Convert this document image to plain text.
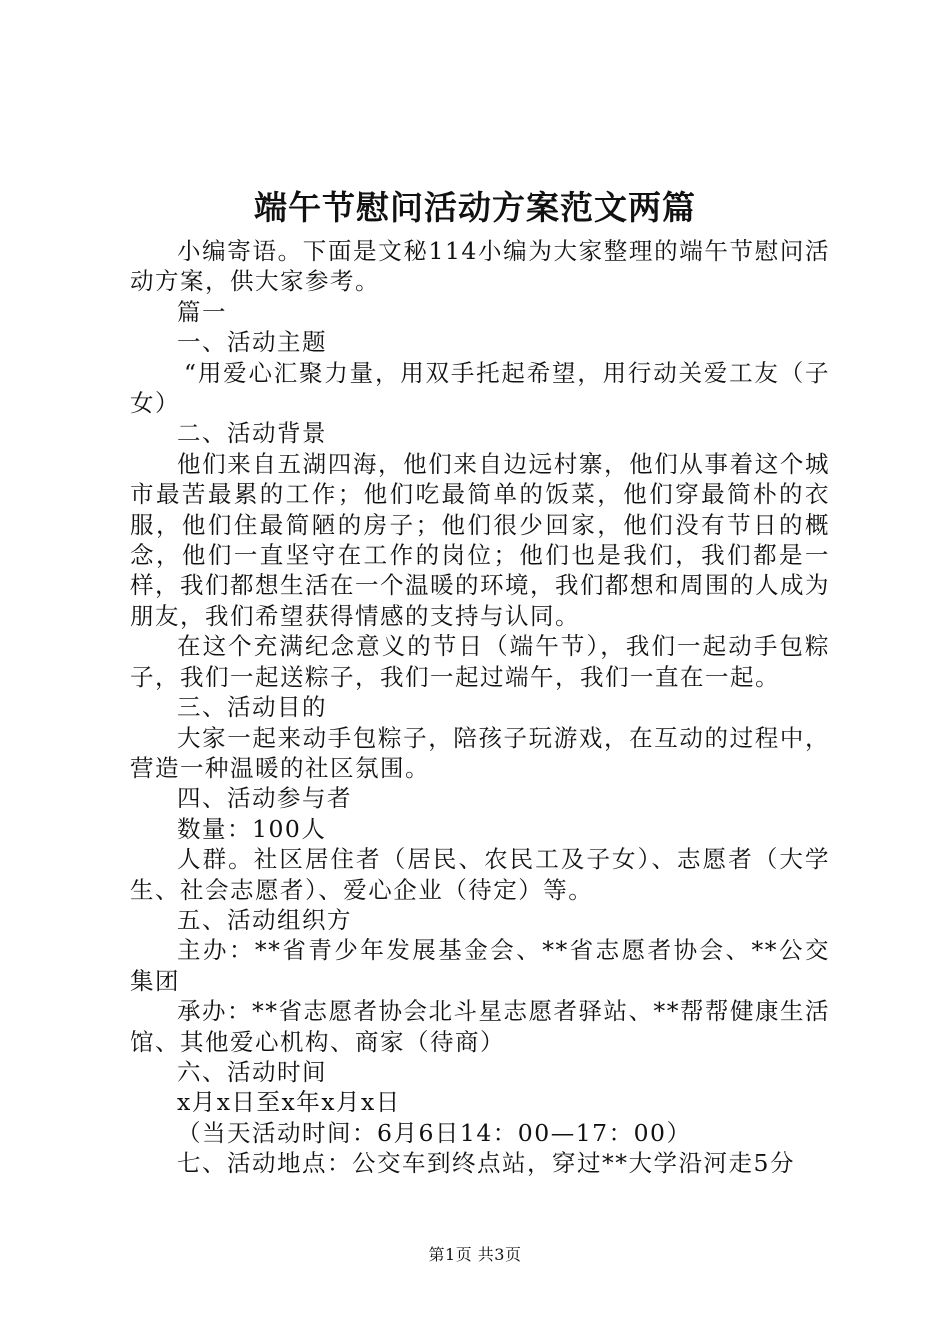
端午节慰问活动方案范文两篇

小编寄语。下面是文秘114小编为大家整理的端午节慰问活动方案，供大家参考。

篇一

一、活动主题

“用爱心汇聚力量，用双手托起希望，用行动关爱工友（子女）

二、活动背景

他们来自五湖四海，他们来自边远村寨，他们从事着这个城市最苦最累的工作；他们吃最简单的饭菜，他们穿最简朴的衣服，他们住最简陋的房子；他们很少回家，他们没有节日的概念，他们一直坚守在工作的岗位；他们也是我们，我们都是一样，我们都想生活在一个温暖的环境，我们都想和周围的人成为朋友，我们希望获得情感的支持与认同。

在这个充满纪念意义的节日（端午节），我们一起动手包粽子，我们一起送粽子，我们一起过端午，我们一直在一起。

三、活动目的

大家一起来动手包粽子，陪孩子玩游戏，在互动的过程中，营造一种温暖的社区氛围。

四、活动参与者

数量：100人

人群。社区居住者（居民、农民工及子女）、志愿者（大学生、社会志愿者）、爱心企业（待定）等。

五、活动组织方

主办：**省青少年发展基金会、**省志愿者协会、**公交集团

承办：**省志愿者协会北斗星志愿者驿站、**帮帮健康生活馆、其他爱心机构、商家（待商）

六、活动时间

x月x日至x年x月x日

（当天活动时间：6月6日14：00—17：00）

七、活动地点：公交车到终点站，穿过**大学沿河走5分

第1页 共3页
